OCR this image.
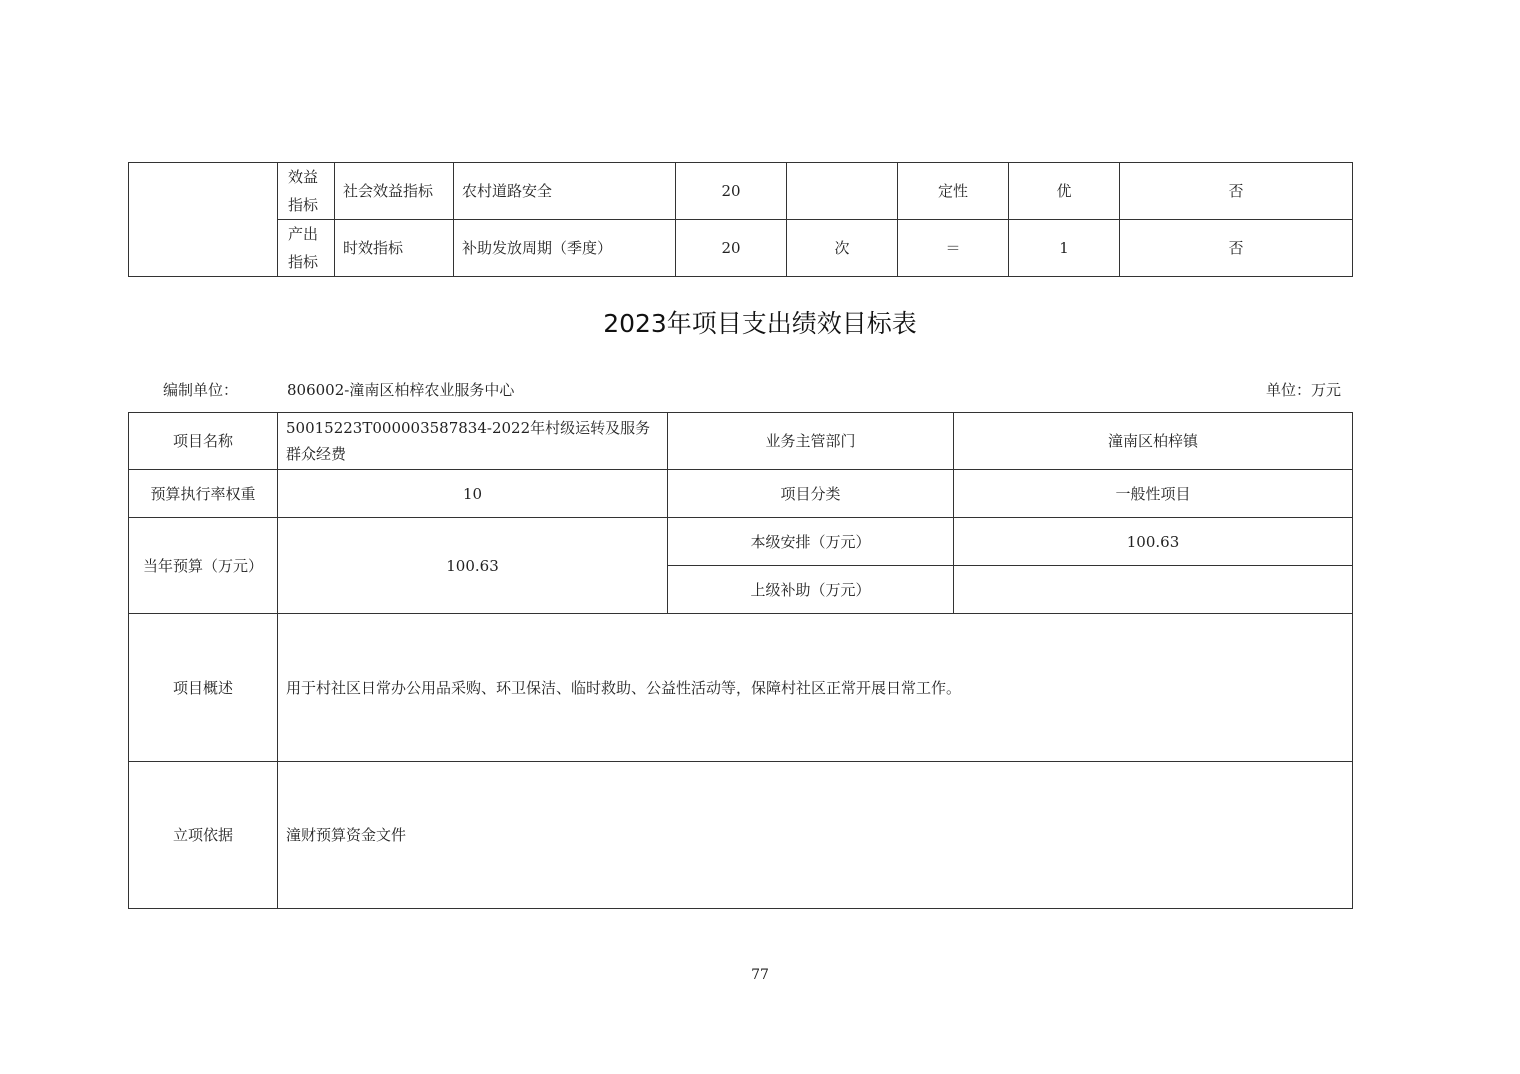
	效益指标	社会效益指标	农村道路安全	20		定性	优	否
	产出指标	时效指标	补助发放周期（季度）	20	次	＝	1	否
2023年项目支出绩效目标表
编制单位：	806002-潼南区柏梓农业服务中心	单位：万元
项目名称	50015223T000003587834-2022年村级运转及服务群众经费	业务主管部门	潼南区柏梓镇
预算执行率权重	10	项目分类	一般性项目
当年预算（万元）	100.63	本级安排（万元）	100.63
		上级补助（万元）	
项目概述	用于村社区日常办公用品采购、环卫保洁、临时救助、公益性活动等，保障村社区正常开展日常工作。		
立项依据	潼财预算资金文件		
77
